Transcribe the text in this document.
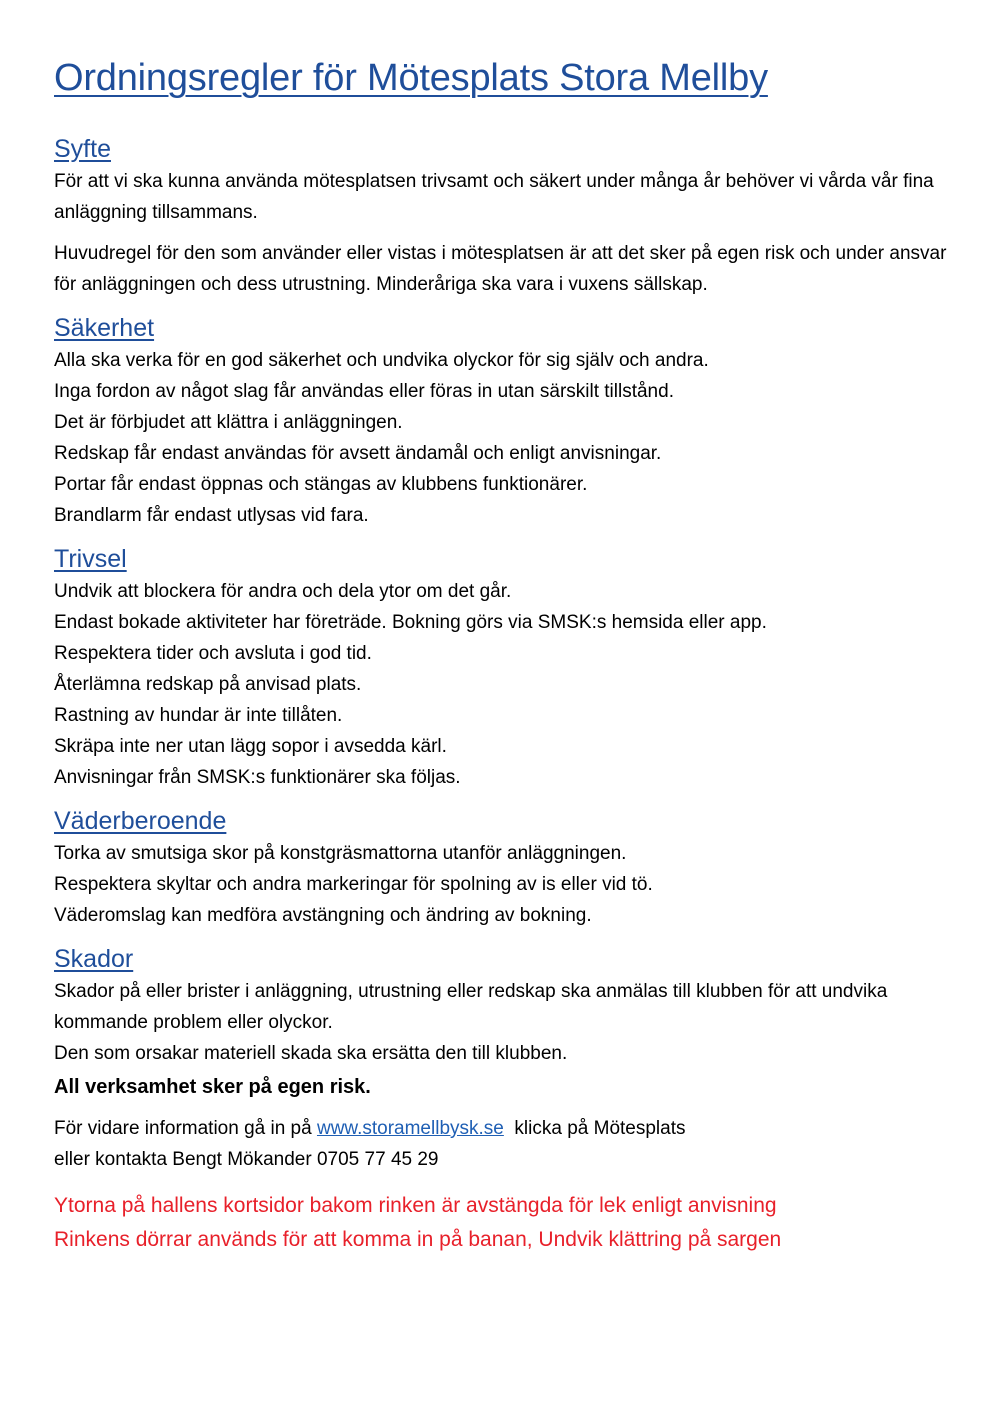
Ordningsregler för Mötesplats Stora Mellby
Syfte

För att vi ska kunna använda mötesplatsen trivsamt och säkert under många år behöver vi vårda vår fina anläggning tillsammans.

Huvudregel för den som använder eller vistas i mötesplatsen är att det sker på egen risk och under ansvar för anläggningen och dess utrustning. Minderåriga ska vara i vuxens sällskap.

Säkerhet
Alla ska verka för en god säkerhet och undvika olyckor för sig själv och andra.
Inga fordon av något slag får användas eller föras in utan särskilt tillstånd.
Det är förbjudet att klättra i anläggningen.
Redskap får endast användas för avsett ändamål och enligt anvisningar.
Portar får endast öppnas och stängas av klubbens funktionärer.
Brandlarm får endast utlysas vid fara.
Trivsel
Undvik att blockera för andra och dela ytor om det går.
Endast bokade aktiviteter har företräde. Bokning görs via SMSK:s hemsida eller app.
Respektera tider och avsluta i god tid.
Återlämna redskap på anvisad plats.
Rastning av hundar är inte tillåten.
Skräpa inte ner utan lägg sopor i avsedda kärl.
Anvisningar från SMSK:s funktionärer ska följas.
Väderberoende
Torka av smutsiga skor på konstgräsmattorna utanför anläggningen.
Respektera skyltar och andra markeringar för spolning av is eller vid tö.
Väderomslag kan medföra avstängning och ändring av bokning.
Skador

Skador på eller brister i anläggning, utrustning eller redskap ska anmälas till klubben för att undvika kommande problem eller olyckor.

Den som orsakar materiell skada ska ersätta den till klubben.
All verksamhet sker på egen risk.
För vidare information gå in på www.storamellbysk.se klicka på Mötesplats
eller kontakta Bengt Mökander 0705 77 45 29
Ytorna på hallens kortsidor bakom rinken är avstängda för lek enligt anvisning
Rinkens dörrar används för att komma in på banan, Undvik klättring på sargen
